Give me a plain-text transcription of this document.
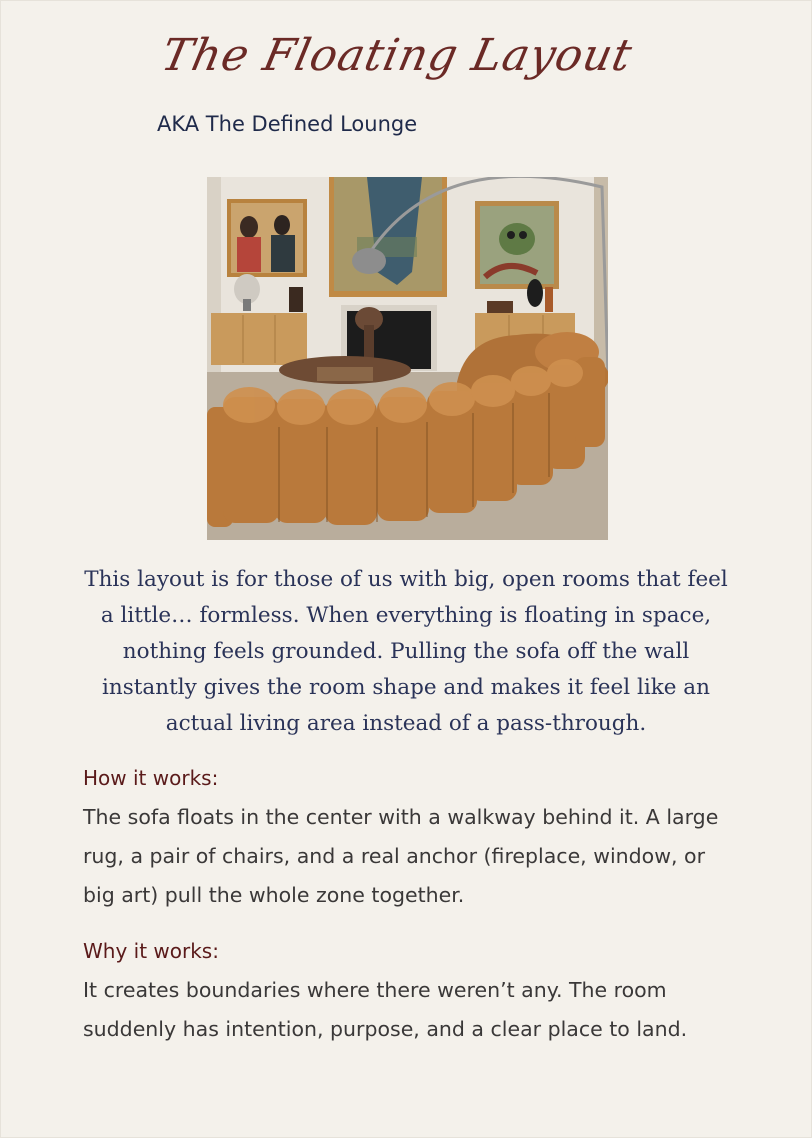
The Floating Layout

AKA The Defined Lounge

This layout is for those of us with big, open rooms that feel a little… formless. When everything is floating in space, nothing feels grounded. Pulling the sofa off the wall instantly gives the room shape and makes it feel like an actual living area instead of a pass-through.

How it works:

The sofa floats in the center with a walkway behind it. A large rug, a pair of chairs, and a real anchor (fireplace, window, or big art) pull the whole zone together.

Why it works:

It creates boundaries where there weren’t any. The room suddenly has intention, purpose, and a clear place to land.
